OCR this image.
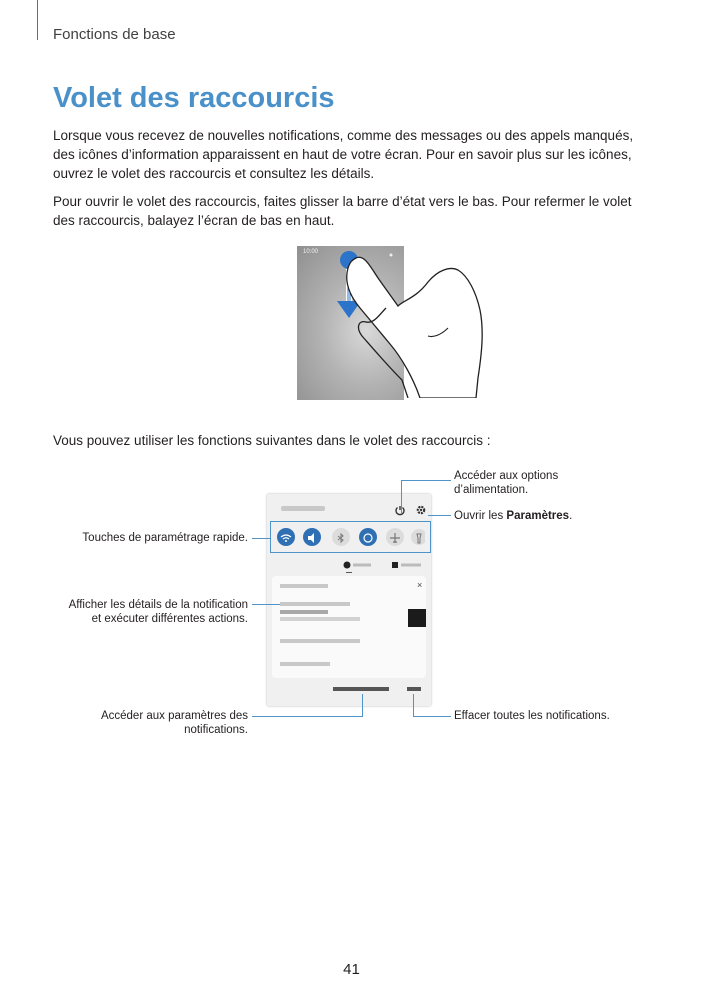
Fonctions de base
Volet des raccourcis

Lorsque vous recevez de nouvelles notifications, comme des messages ou des appels manqués, des icônes d’information apparaissent en haut de votre écran. Pour en savoir plus sur les icônes, ouvrez le volet des raccourcis et consultez les détails.

Pour ouvrir le volet des raccourcis, faites glisser la barre d’état vers le bas. Pour refermer le volet des raccourcis, balayez l’écran de bas en haut.

10:00

Vous pouvez utiliser les fonctions suivantes dans le volet des raccourcis :

×
Accéder aux options d’alimentation.
Ouvrir les Paramètres.
Touches de paramétrage rapide.
Afficher les détails de la notification et exécuter différentes actions.
Accéder aux paramètres des notifications.
Effacer toutes les notifications.
41
